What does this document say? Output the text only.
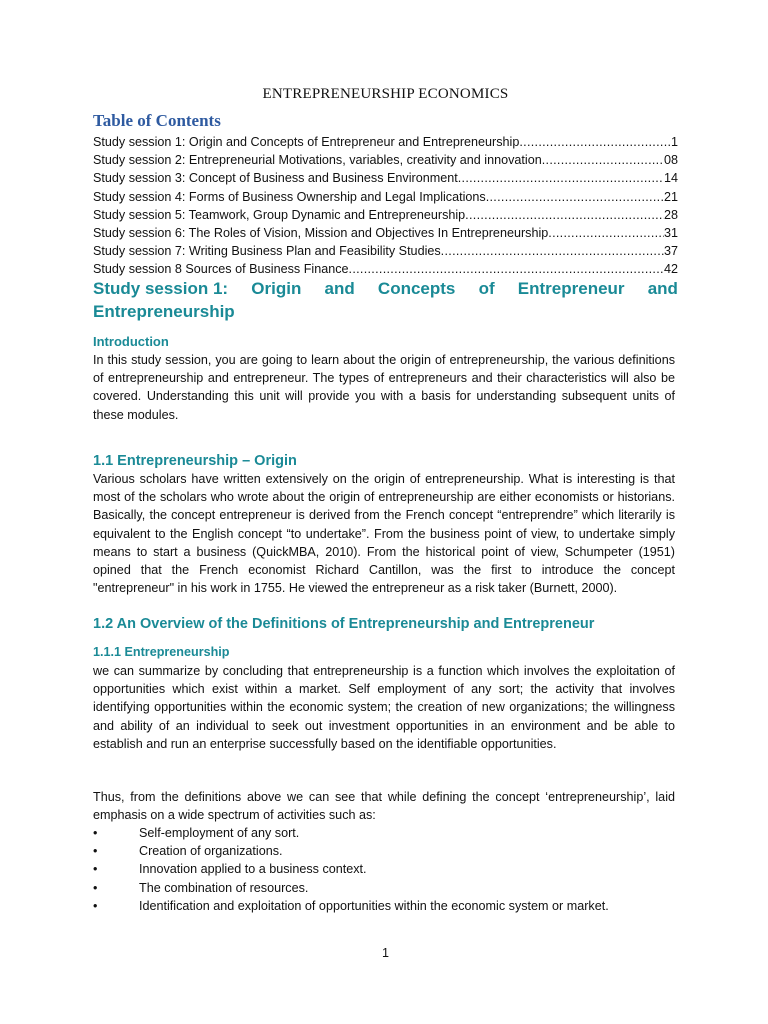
ENTREPRENEURSHIP ECONOMICS
Table of Contents
Study session 1: Origin and Concepts of Entrepreneur and Entrepreneurship .....	1
Study session 2: Entrepreneurial Motivations, variables, creativity and innovation .....	08
Study session 3: Concept of Business and Business Environment .....	14
Study session 4: Forms of Business Ownership and Legal Implications .....	21
Study session 5: Teamwork, Group Dynamic and Entrepreneurship .....	28
Study session 6: The Roles of Vision, Mission and Objectives In Entrepreneurship .....	31
Study session 7: Writing Business Plan and Feasibility Studies .....	37
Study session 8 Sources of Business Finance .....	42
Study session 1: Origin and Concepts of Entrepreneur and
Entrepreneurship
Introduction
In this study session, you are going to learn about the origin of entrepreneurship, the various definitions of entrepreneurship and entrepreneur. The types of entrepreneurs and their characteristics will also be covered. Understanding this unit will provide you with a basis for understanding subsequent units of these modules.
1.1 Entrepreneurship – Origin
Various scholars have written extensively on the origin of entrepreneurship. What is interesting is that most of the scholars who wrote about the origin of entrepreneurship are either economists or historians. Basically, the concept entrepreneur is derived from the French concept “entreprendre” which literarily is equivalent to the English concept “to undertake”. From the business point of view, to undertake simply means to start a business (QuickMBA, 2010). From the historical point of view, Schumpeter (1951) opined that the French economist Richard Cantillon, was the first to introduce the concept "entrepreneur" in his work in 1755. He viewed the entrepreneur as a risk taker (Burnett, 2000).
1.2 An Overview of the Definitions of Entrepreneurship and Entrepreneur
1.1.1 Entrepreneurship
we can summarize by concluding that entrepreneurship is a function which involves the exploitation of opportunities which exist within a market. Self employment of any sort; the activity that involves identifying opportunities within the economic system; the creation of new organizations; the willingness and ability of an individual to seek out investment opportunities in an environment and be able to establish and run an enterprise successfully based on the identifiable opportunities.
Thus, from the definitions above we can see that while defining the concept ‘entrepreneurship’, laid emphasis on a wide spectrum of activities such as:
•	Self-employment of any sort.
•	Creation of organizations.
•	Innovation applied to a business context.
•	The combination of resources.
•	Identification and exploitation of opportunities within the economic system or market.
1
